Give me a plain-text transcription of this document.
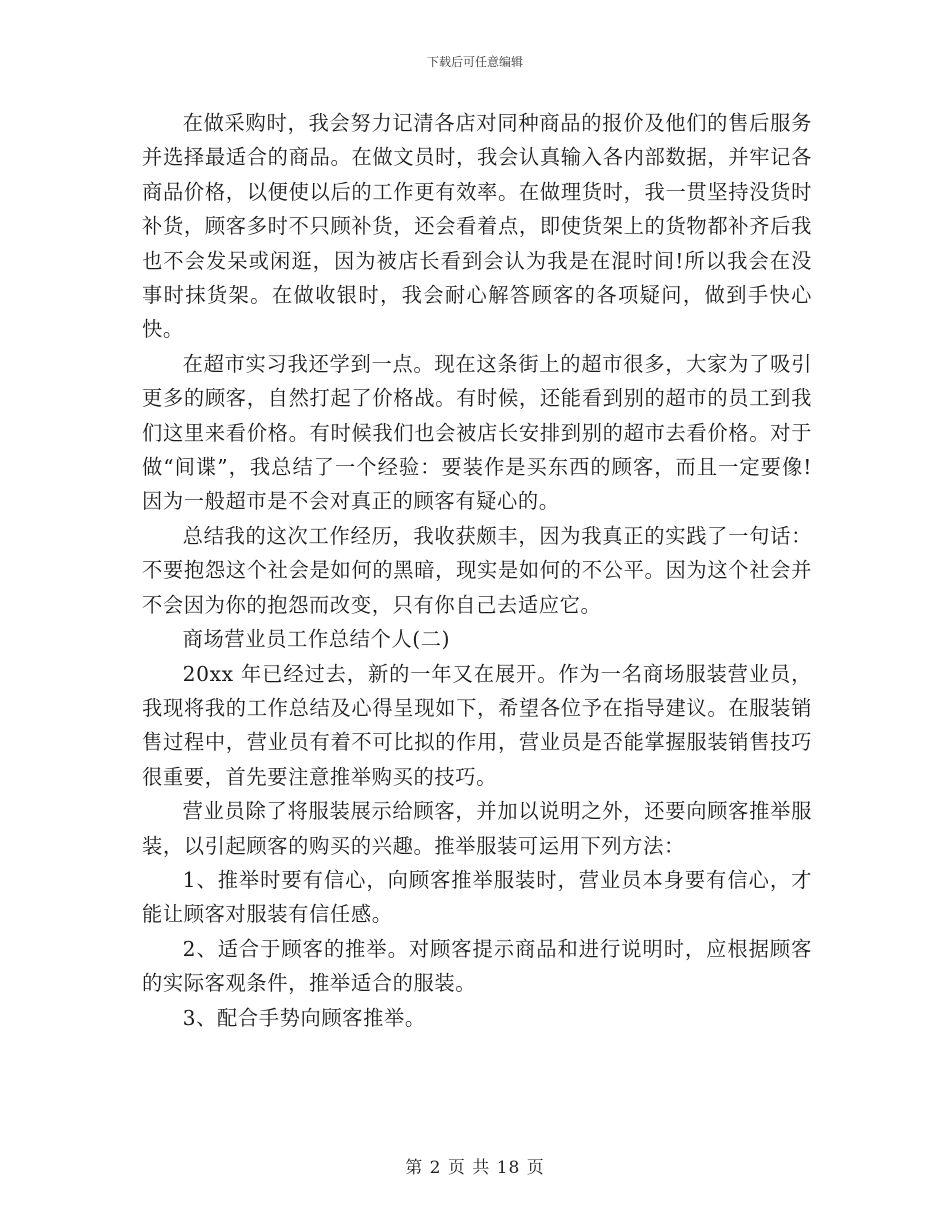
下载后可任意编辑

在做采购时，我会努力记清各店对同种商品的报价及他们的售后服务并选择最适合的商品。在做文员时，我会认真输入各内部数据，并牢记各商品价格，以便使以后的工作更有效率。在做理货时，我一贯坚持没货时补货，顾客多时不只顾补货，还会看着点，即使货架上的货物都补齐后我也不会发呆或闲逛，因为被店长看到会认为我是在混时间!所以我会在没事时抹货架。在做收银时，我会耐心解答顾客的各项疑问，做到手快心快。

在超市实习我还学到一点。现在这条街上的超市很多，大家为了吸引更多的顾客，自然打起了价格战。有时候，还能看到别的超市的员工到我们这里来看价格。有时候我们也会被店长安排到别的超市去看价格。对于做“间谍”，我总结了一个经验：要装作是买东西的顾客，而且一定要像!因为一般超市是不会对真正的顾客有疑心的。

总结我的这次工作经历，我收获颇丰，因为我真正的实践了一句话：不要抱怨这个社会是如何的黑暗，现实是如何的不公平。因为这个社会并不会因为你的抱怨而改变，只有你自己去适应它。

商场营业员工作总结个人(二)

20xx 年已经过去，新的一年又在展开。作为一名商场服装营业员，我现将我的工作总结及心得呈现如下，希望各位予在指导建议。在服装销售过程中，营业员有着不可比拟的作用，营业员是否能掌握服装销售技巧很重要，首先要注意推举购买的技巧。

营业员除了将服装展示给顾客，并加以说明之外，还要向顾客推举服装，以引起顾客的购买的兴趣。推举服装可运用下列方法：

1、推举时要有信心，向顾客推举服装时，营业员本身要有信心，才能让顾客对服装有信任感。

2、适合于顾客的推举。对顾客提示商品和进行说明时，应根据顾客的实际客观条件，推举适合的服装。

3、配合手势向顾客推举。

第 2 页 共 18 页
